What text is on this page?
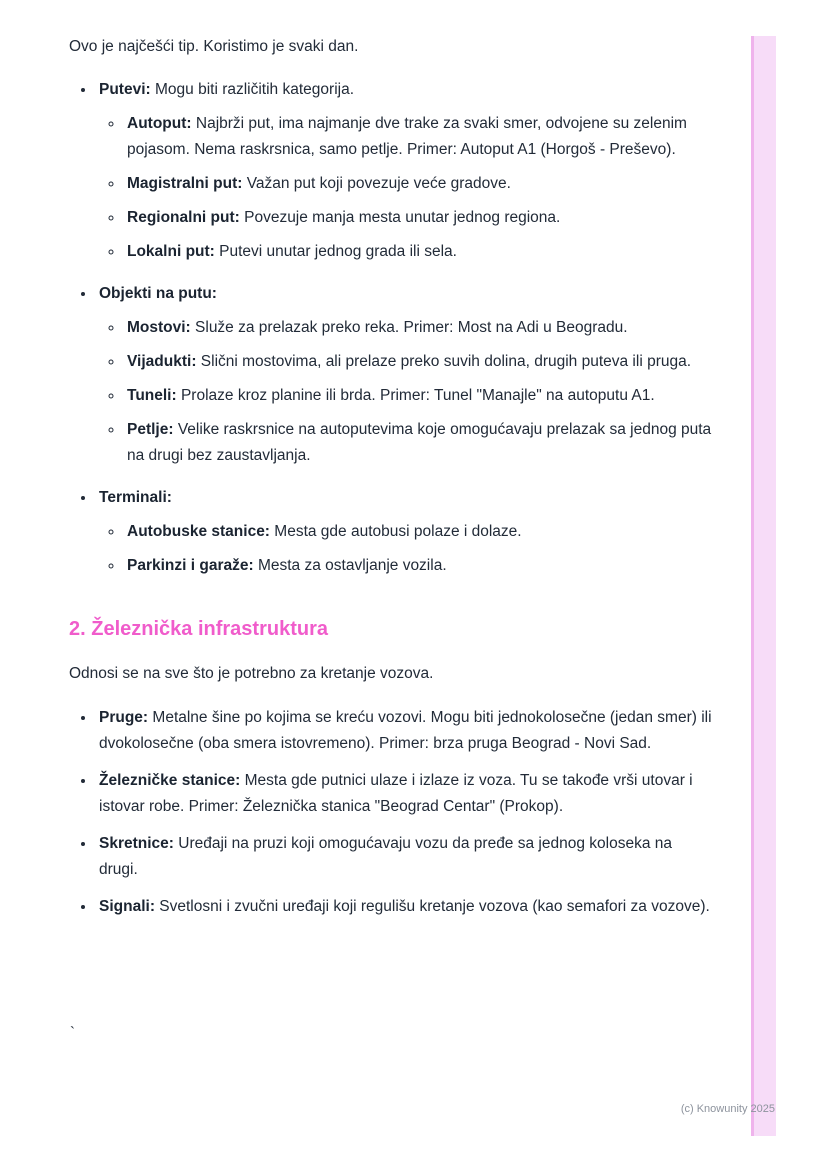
Ovo je najčešći tip. Koristimo je svaki dan.

• Putevi: Mogu biti različitih kategorija.
◦ Autoput: Najbrži put, ima najmanje dve trake za svaki smer, odvojene su zelenim pojasom. Nema raskrsnica, samo petlje. Primer: Autoput A1 (Horgoš - Preševo).
◦ Magistralni put: Važan put koji povezuje veće gradove.
◦ Regionalni put: Povezuje manja mesta unutar jednog regiona.
◦ Lokalni put: Putevi unutar jednog grada ili sela.
• Objekti na putu:
◦ Mostovi: Služe za prelazak preko reka. Primer: Most na Adi u Beogradu.
◦ Vijadukti: Slični mostovima, ali prelaze preko suvih dolina, drugih puteva ili pruga.
◦ Tuneli: Prolaze kroz planine ili brda. Primer: Tunel "Manajle" na autoputu A1.
◦ Petlje: Velike raskrsnice na autoputevima koje omogućavaju prelazak sa jednog puta na drugi bez zaustavljanja.
• Terminali:
◦ Autobuske stanice: Mesta gde autobusi polaze i dolaze.
◦ Parkinzi i garaže: Mesta za ostavljanje vozila.
2. Železnička infrastruktura

Odnosi se na sve što je potrebno za kretanje vozova.

• Pruge: Metalne šine po kojima se kreću vozovi. Mogu biti jednokolosečne (jedan smer) ili dvokolosečne (oba smera istovremeno). Primer: brza pruga Beograd - Novi Sad.
• Železničke stanice: Mesta gde putnici ulaze i izlaze iz voza. Tu se takođe vrši utovar i istovar robe. Primer: Železnička stanica "Beograd Centar" (Prokop).
• Skretnice: Uređaji na pruzi koji omogućavaju vozu da pređe sa jednog koloseka na drugi.
• Signali: Svetlosni i zvučni uređaji koji regulišu kretanje vozova (kao semafori za vozove).
`
(c) Knowunity 2025
